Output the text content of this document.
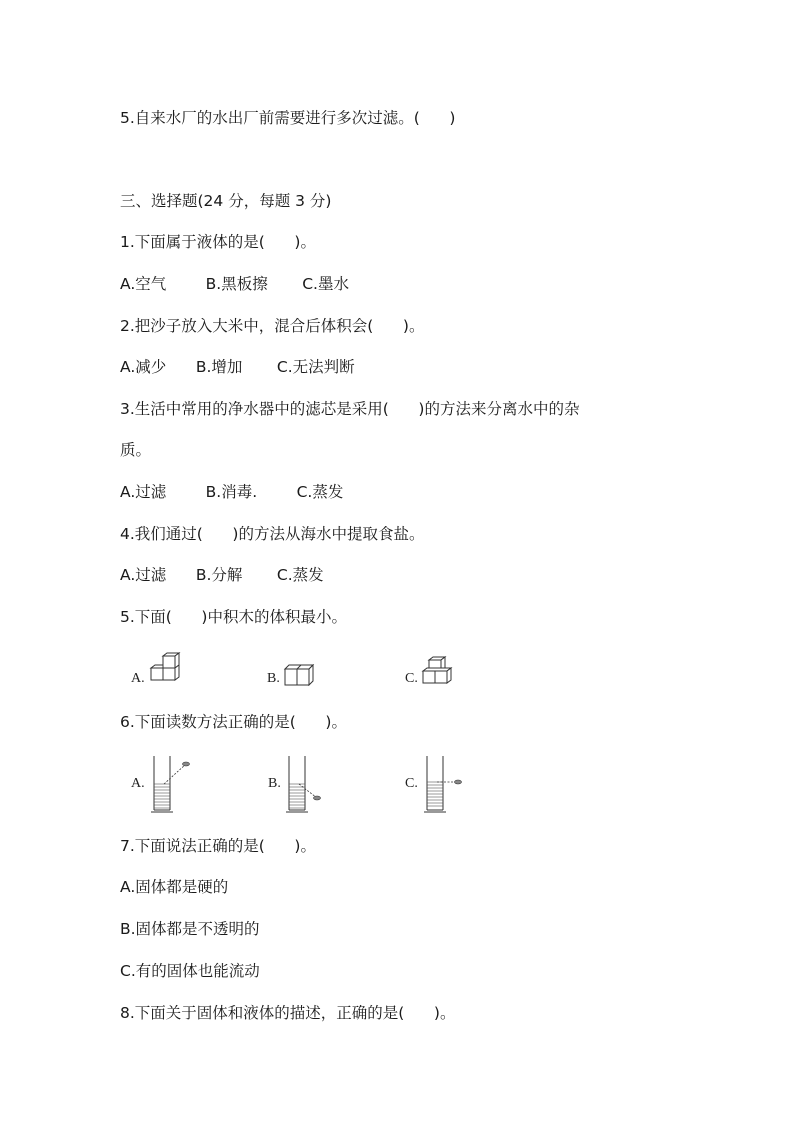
5.自来水厂的水出厂前需要进行多次过滤。(      )
三、选择题(24 分，每题 3 分)
1.下面属于液体的是(      )。
A.空气        B.黑板擦       C.墨水
2.把沙子放入大米中，混合后体积会(      )。
A.减少      B.增加       C.无法判断
3.生活中常用的净水器中的滤芯是采用(      )的方法来分离水中的杂
质。
A.过滤        B.消毒.        C.蒸发
4.我们通过(      )的方法从海水中提取食盐。
A.过滤      B.分解       C.蒸发
5.下面(      )中积木的体积最小。
A.	B.	C.
6.下面读数方法正确的是(      )。
A.	B.	C.
7.下面说法正确的是(      )。
A.固体都是硬的
B.固体都是不透明的
C.有的固体也能流动
8.下面关于固体和液体的描述，正确的是(      )。
